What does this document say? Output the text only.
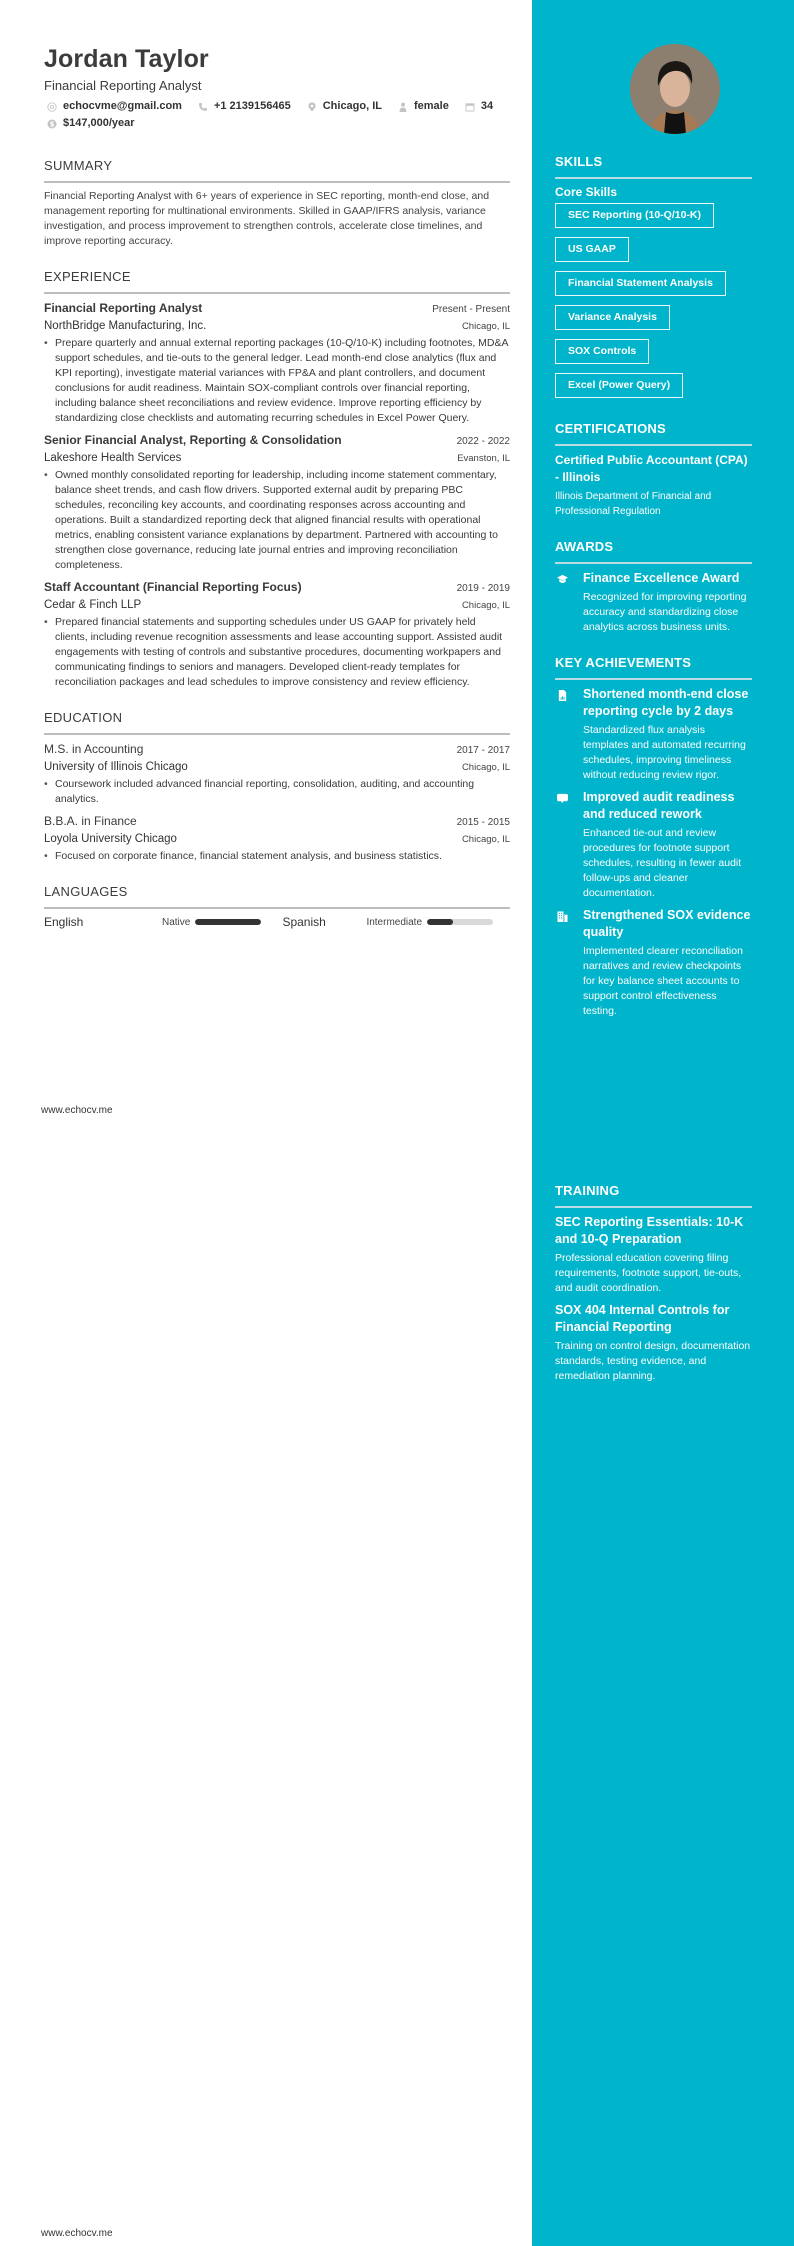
Jordan Taylor
Financial Reporting Analyst
echocvme@gmail.com	+1 2139156465	Chicago, IL	female	34
$ $147,000/year
SUMMARY

Financial Reporting Analyst with 6+ years of experience in SEC reporting, month-end close, and management reporting for multinational environments. Skilled in GAAP/IFRS analysis, variance investigation, and process improvement to strengthen controls, accelerate close timelines, and improve reporting accuracy.

EXPERIENCE
Financial Reporting Analyst	Present - Present
NorthBridge Manufacturing, Inc.	Chicago, IL
• Prepare quarterly and annual external reporting packages (10-Q/10-K) including footnotes, MD&A support schedules, and tie-outs to the general ledger. Lead month-end close analytics (flux and KPI reporting), investigate material variances with FP&A and plant controllers, and document conclusions for audit readiness. Maintain SOX-compliant controls over financial reporting, including balance sheet reconciliations and review evidence. Improve reporting efficiency by standardizing close checklists and automating recurring schedules in Excel Power Query.
Senior Financial Analyst, Reporting & Consolidation	2022 - 2022
Lakeshore Health Services	Evanston, IL
• Owned monthly consolidated reporting for leadership, including income statement commentary, balance sheet trends, and cash flow drivers. Supported external audit by preparing PBC schedules, reconciling key accounts, and coordinating responses across accounting and operations. Built a standardized reporting deck that aligned financial results with operational metrics, enabling consistent variance explanations by department. Partnered with accounting to strengthen close governance, reducing late journal entries and improving reconciliation completeness.
Staff Accountant (Financial Reporting Focus)	2019 - 2019
Cedar & Finch LLP	Chicago, IL
• Prepared financial statements and supporting schedules under US GAAP for privately held clients, including revenue recognition assessments and lease accounting support. Assisted audit engagements with testing of controls and substantive procedures, documenting workpapers and communicating findings to seniors and managers. Developed client-ready templates for reconciliation packages and lead schedules to improve consistency and review efficiency.
EDUCATION
M.S. in Accounting	2017 - 2017
University of Illinois Chicago	Chicago, IL
• Coursework included advanced financial reporting, consolidation, auditing, and accounting analytics.
B.B.A. in Finance	2015 - 2015
Loyola University Chicago	Chicago, IL
• Focused on corporate finance, financial statement analysis, and business statistics.
LANGUAGES
English	Native	Spanish	Intermediate
www.echocv.me
www.echocv.me
SKILLS
Core Skills
SEC Reporting (10-Q/10-K)
US GAAP
Financial Statement Analysis
Variance Analysis
SOX Controls
Excel (Power Query)
CERTIFICATIONS
Certified Public Accountant (CPA) - Illinois
Illinois Department of Financial and Professional Regulation
AWARDS
Finance Excellence Award
Recognized for improving reporting accuracy and standardizing close analytics across business units.
KEY ACHIEVEMENTS
Shortened month-end close reporting cycle by 2 days
Standardized flux analysis templates and automated recurring schedules, improving timeliness without reducing review rigor.
Improved audit readiness and reduced rework
Enhanced tie-out and review procedures for footnote support schedules, resulting in fewer audit follow-ups and cleaner documentation.
Strengthened SOX evidence quality
Implemented clearer reconciliation narratives and review checkpoints for key balance sheet accounts to support control effectiveness testing.
TRAINING
SEC Reporting Essentials: 10-K and 10-Q Preparation
Professional education covering filing requirements, footnote support, tie-outs, and audit coordination.
SOX 404 Internal Controls for Financial Reporting
Training on control design, documentation standards, testing evidence, and remediation planning.
